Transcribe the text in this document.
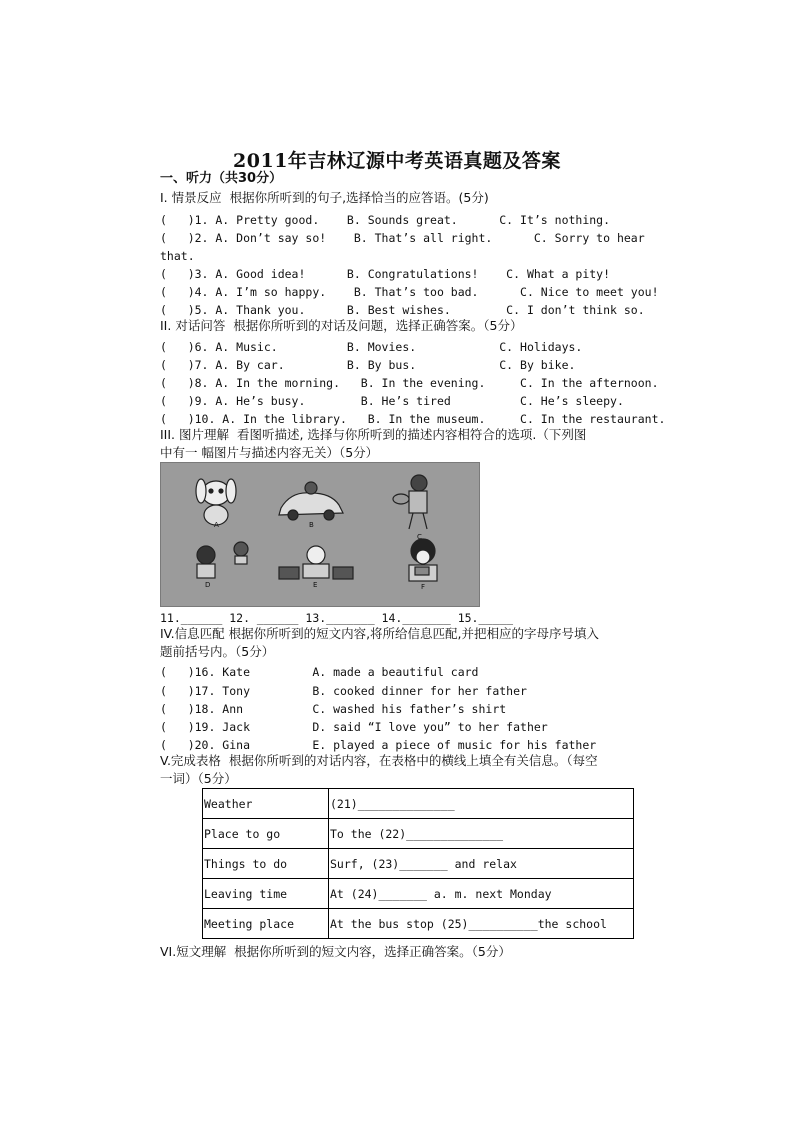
2011年吉林辽源中考英语真题及答案
一、听力（共30分）
I. 情景反应  根据你所听到的句子,选择恰当的应答语。(5分)
(   )1. A. Pretty good.    B. Sounds great.      C. It’s nothing.
(   )2. A. Don’t say so!    B. That’s all right.      C. Sorry to hear
that.
(   )3. A. Good idea!      B. Congratulations!    C. What a pity!
(   )4. A. I’m so happy.    B. That’s too bad.      C. Nice to meet you!
(   )5. A. Thank you.      B. Best wishes.        C. I don’t think so.
II. 对话问答  根据你所听到的对话及问题，选择正确答案。（5分）
(   )6. A. Music.          B. Movies.            C. Holidays.
(   )7. A. By car.         B. By bus.            C. By bike.
(   )8. A. In the morning.   B. In the evening.     C. In the afternoon.
(   )9. A. He’s busy.        B. He’s tired          C. He’s sleepy.
(   )10. A. In the library.   B. In the museum.     C. In the restaurant.
III. 图片理解  看图听描述, 选择与你所听到的描述内容相符合的选项.（下列图
中有一 幅图片与描述内容无关）（5分）
A	B
C
D	E	F
11.______ 12. ______ 13._______ 14._______ 15._____
IV.信息匹配 根据你所听到的短文内容,将所给信息匹配,并把相应的字母序号填入
题前括号内。（5分）
(   )16. Kate         A. made a beautiful card
(   )17. Tony         B. cooked dinner for her father
(   )18. Ann          C. washed his father’s shirt
(   )19. Jack         D. said “I love you” to her father
(   )20. Gina         E. played a piece of music for his father
V.完成表格  根据你所听到的对话内容，在表格中的横线上填全有关信息。（每空
一词）（5分）
Weather	(21)______________
Place to go	To the (22)______________
Things to do	Surf, (23)_______ and relax
Leaving time	At (24)_______ a. m. next Monday
Meeting place	At the bus stop (25)__________the school
VI.短文理解  根据你所听到的短文内容，选择正确答案。（5分）
